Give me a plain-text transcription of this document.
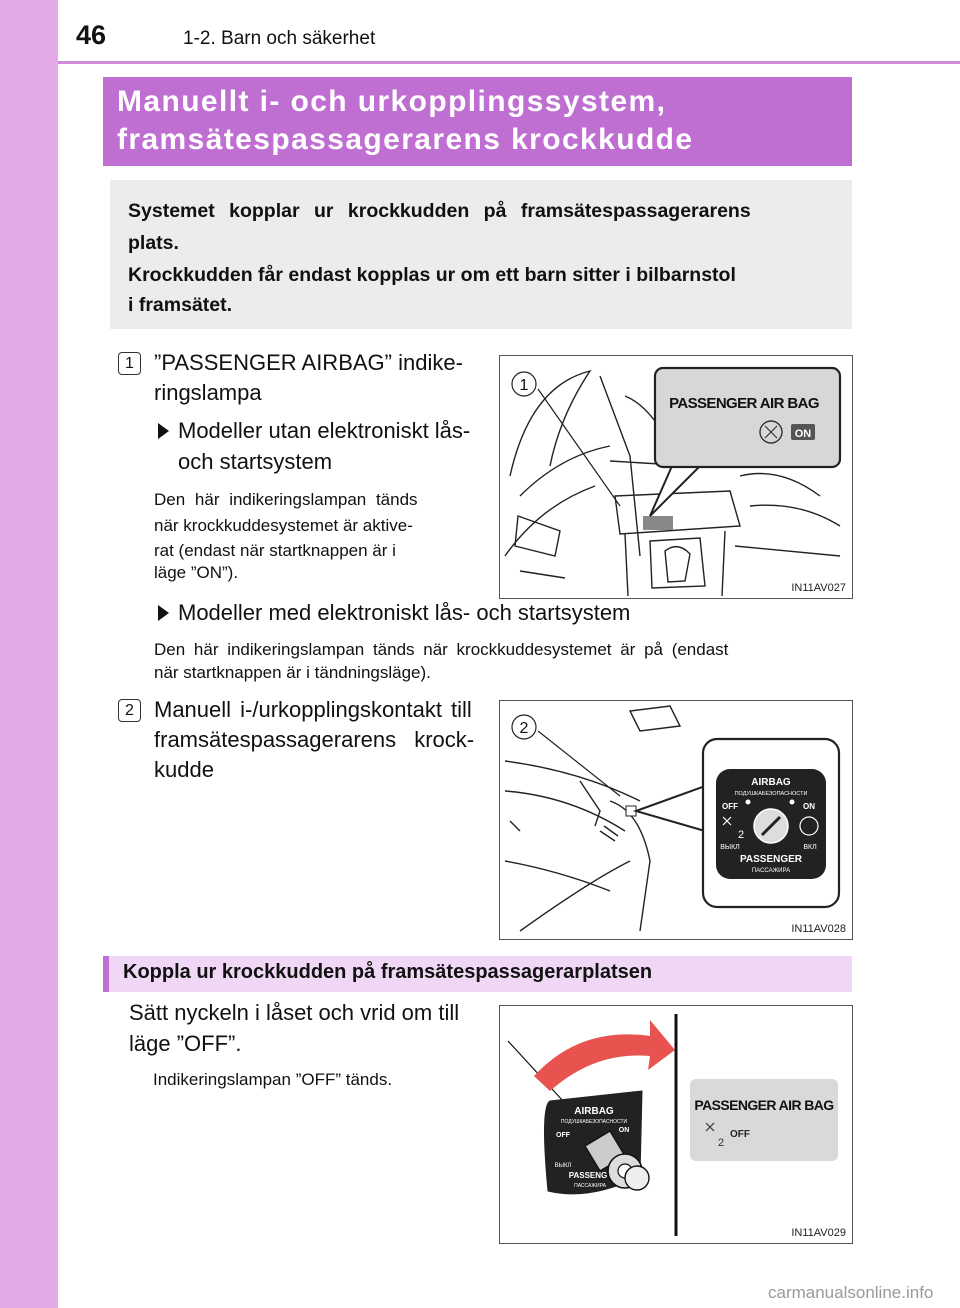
46	1-2. Barn och säkerhet
Manuellt i- och urkopplingssystem,
framsätespassagerarens krockkudde
Systemet kopplar ur krockkudden på framsätespassagerarens
plats.
Krockkudden får endast kopplas ur om ett barn sitter i bilbarnstol
i framsätet.
1 ”PASSENGER AIRBAG” indike-
ringslampa
Modeller utan elektroniskt lås-
och startsystem
Den här indikeringslampan tänds
när krockkuddesystemet är aktive-
rat (endast när startknappen är i
läge ”ON”).
1
PASSENGER AIR BAG
ON
IN11AV027
Modeller med elektroniskt lås- och startsystem
Den här indikeringslampan tänds när krockkuddesystemet är på (endast
när startknappen är i tändningsläge).
2 Manuell i-/urkopplingskontakt till
framsätespassagerarens krock-
kudde
2
AIRBAG
ПОДУШКАБЕЗОПАСНОСТИ
OFF	ON
2
ВЫКЛ	ВКЛ
PASSENGER
ПАССАЖИРА
IN11AV028
Koppla ur krockkudden på framsätespassagerarplatsen
Sätt nyckeln i låset och vrid om till
läge ”OFF”.
Indikeringslampan ”OFF” tänds.
AIRBAG
ПОДУШКАБЕЗОПАСНОСТИ
OFF
ON
ВЫКЛ
PASSENG
ПАССАЖИРА
PASSENGER AIR BAG
2
OFF
IN11AV029
carmanualsonline.info
